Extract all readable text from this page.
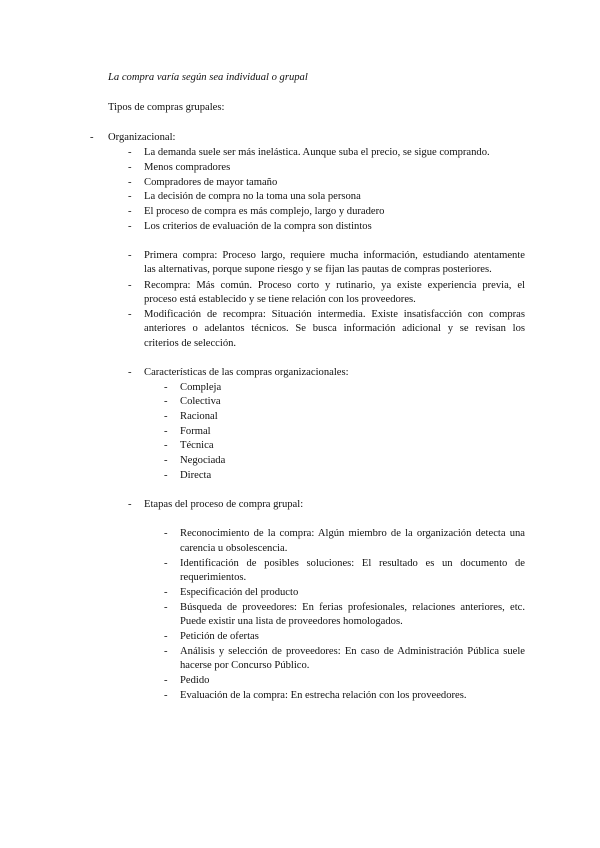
La compra varía según sea individual o grupal
Tipos de compras grupales:
- Organizacional:
- La demanda suele ser más inelástica. Aunque suba el precio, se sigue comprando.
- Menos compradores
- Compradores de mayor tamaño
- La decisión de compra no la toma una sola persona
- El proceso de compra es más complejo, largo y duradero
- Los criterios de evaluación de la compra son distintos
- Primera compra: Proceso largo, requiere mucha información, estudiando atentamente
las alternativas, porque supone riesgo y se fijan las pautas de compras posteriores.
- Recompra: Más común. Proceso corto y rutinario, ya existe experiencia previa, el
proceso está establecido y se tiene relación con los proveedores.
- Modificación de recompra: Situación intermedia. Existe insatisfacción con compras
anteriores o adelantos técnicos. Se busca información adicional y se revisan los
criterios de selección.
- Características de las compras organizacionales:
- Compleja
- Colectiva
- Racional
- Formal
- Técnica
- Negociada
- Directa
- Etapas del proceso de compra grupal:
- Reconocimiento de la compra: Algún miembro de la organización detecta una
carencia u obsolescencia.
- Identificación de posibles soluciones: El resultado es un documento de
requerimientos.
- Especificación del producto
- Búsqueda de proveedores: En ferias profesionales, relaciones anteriores, etc.
Puede existir una lista de proveedores homologados.
- Petición de ofertas
- Análisis y selección de proveedores: En caso de Administración Pública suele
hacerse por Concurso Público.
- Pedido
- Evaluación de la compra: En estrecha relación con los proveedores.
